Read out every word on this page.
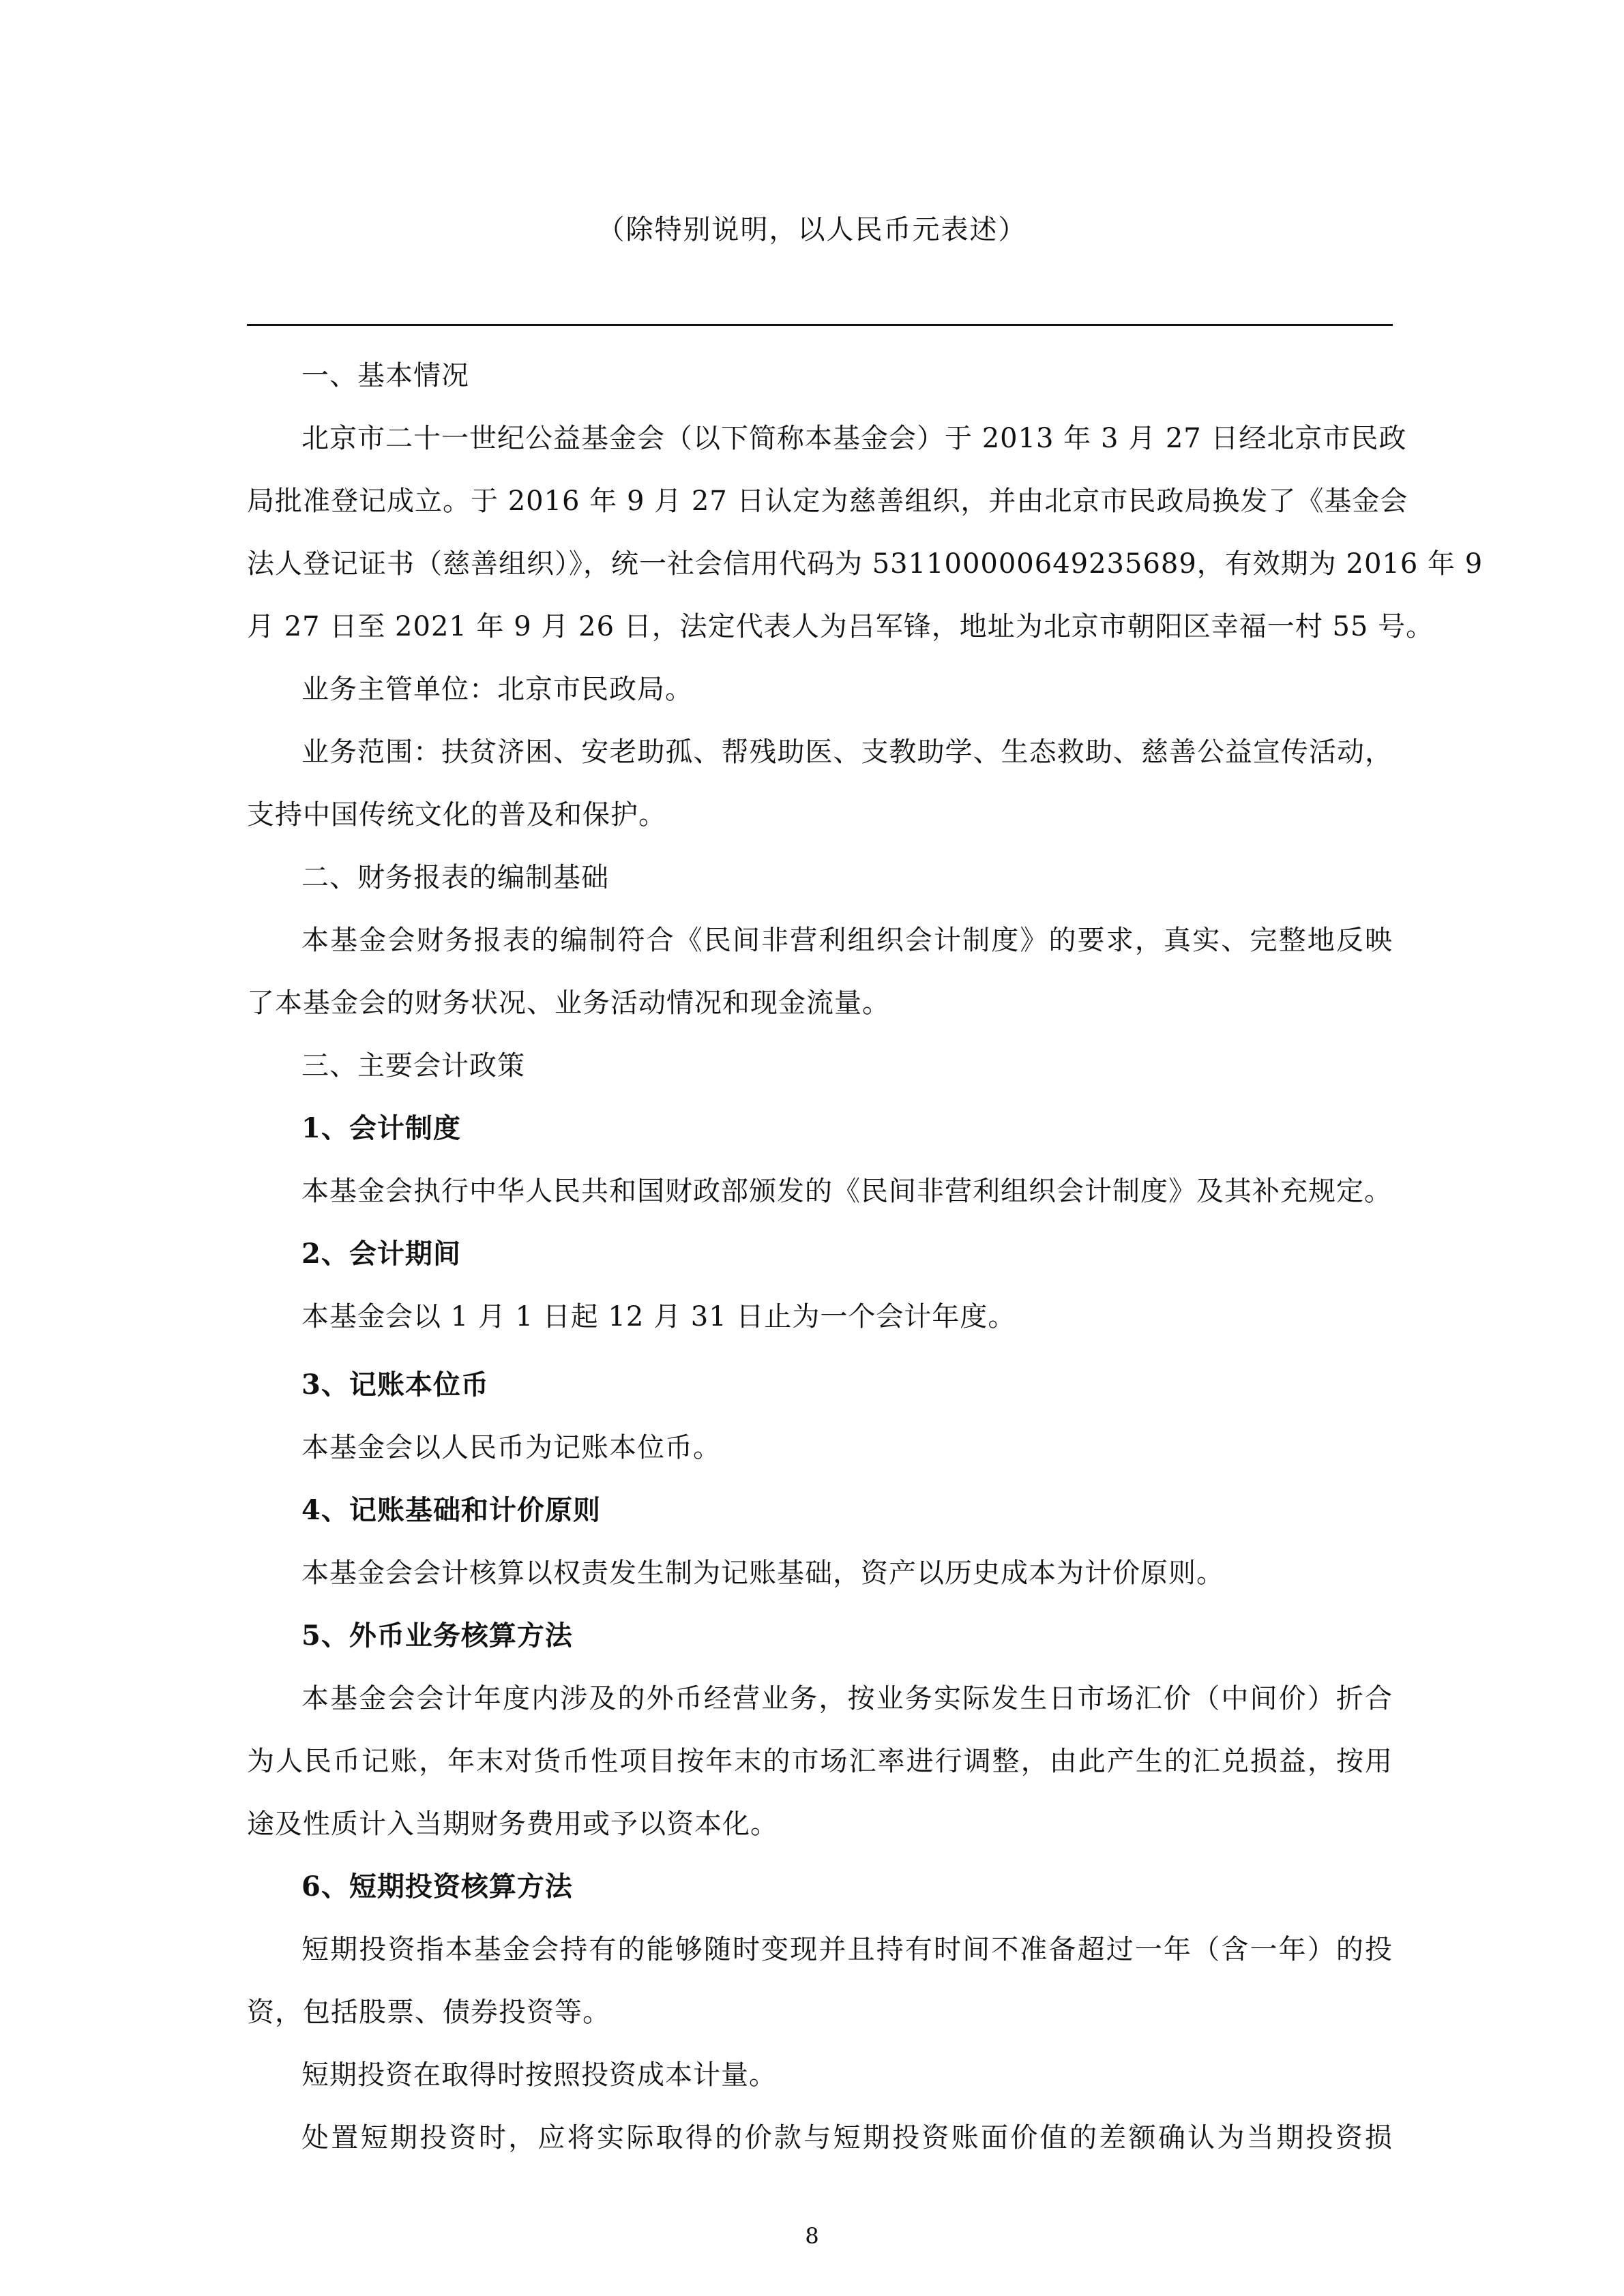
（除特别说明，以人民币元表述）
一、基本情况
北京市二十一世纪公益基金会（以下简称本基金会）于 2013 年 3 月 27 日经北京市民政
局批准登记成立。于 2016 年 9 月 27 日认定为慈善组织，并由北京市民政局换发了《基金会
法人登记证书（慈善组织）》，统一社会信用代码为 53110000064923568​9，有效期为 2016 年 9
月 27 日至 2021 年 9 月 26 日，法定代表人为吕军锋，地址为北京市朝阳区幸福一村 55 号。
业务主管单位：北京市民政局。
业务范围：扶贫济困、安老助孤、帮残助医、支教助学、生态救助、慈善公益宣传活动，
支持中国传统文化的普及和保护。
二、财务报表的编制基础
本基金会财务报表的编制符合《民间非营利组织会计制度》的要求，真实、完整地反映
了本基金会的财务状况、业务活动情况和现金流量。
三、主要会计政策
1、会计制度
本基金会执行中华人民共和国财政部颁发的《民间非营利组织会计制度》及其补充规定。
2、会计期间
本基金会以 1 月 1 日起 12 月 31 日止为一个会计年度。
3、记账本位币
本基金会以人民币为记账本位币。
4、记账基础和计价原则
本基金会会计核算以权责发生制为记账基础，资产以历史成本为计价原则。
5、外币业务核算方法
本基金会会计年度内涉及的外币经营业务，按业务实际发生日市场汇价（中间价）折合
为人民币记账，年末对货币性项目按年末的市场汇率进行调整，由此产生的汇兑损益，按用
途及性质计入当期财务费用或予以资本化。
6、短期投资核算方法
短期投资指本基金会持有的能够随时变现并且持有时间不准备超过一年（含一年）的投
资，包括股票、债券投资等。
短期投资在取得时按照投资成本计量。
处置短期投资时，应将实际取得的价款与短期投资账面价值的差额确认为当期投资损
8
